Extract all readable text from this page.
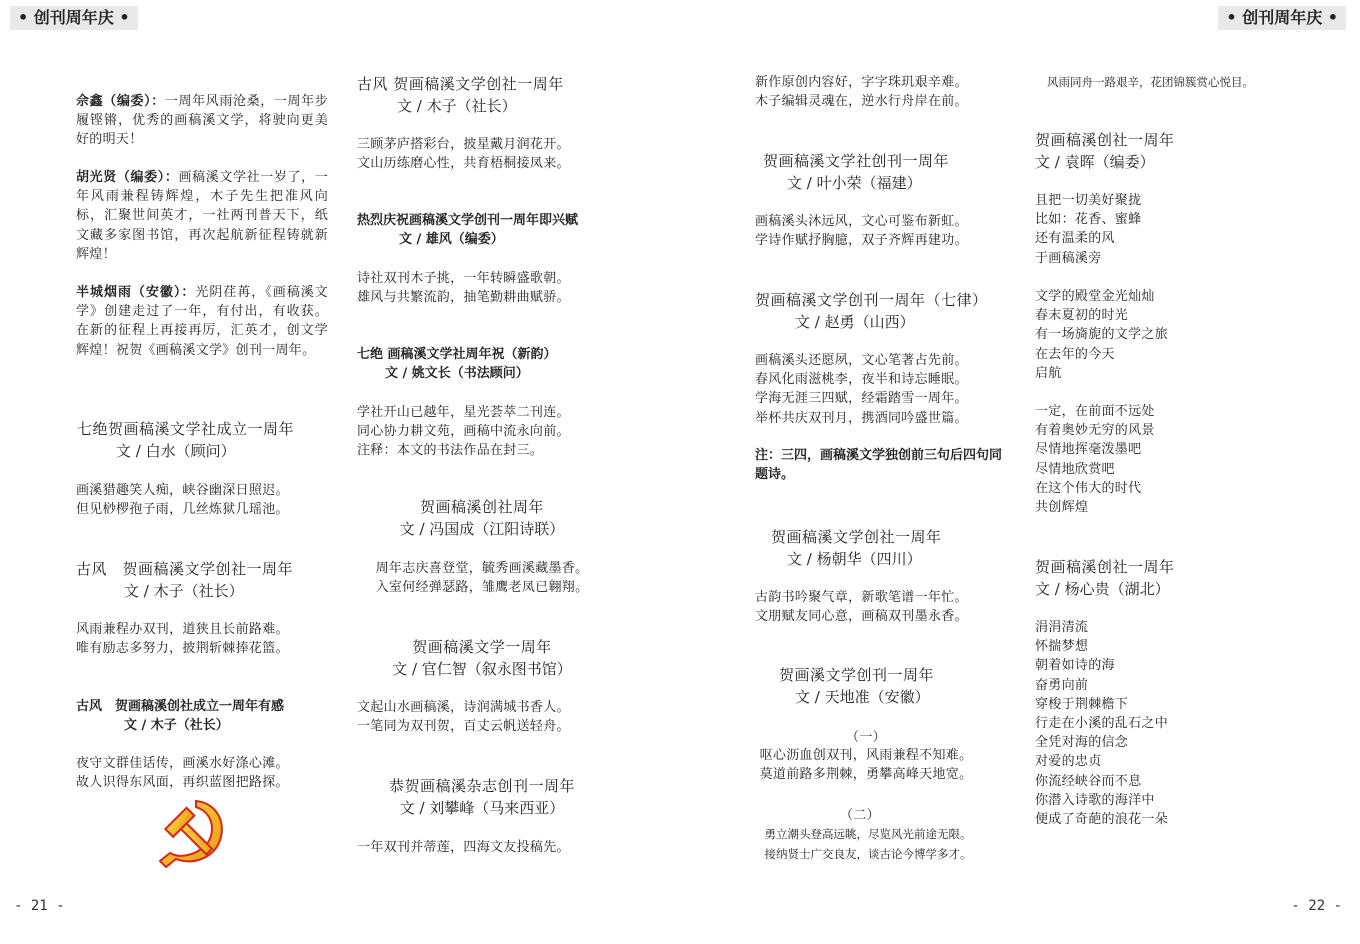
• 创刊周年庆 •	• 创刊周年庆 •
佘鑫（编委）：一周年风雨沧桑，一周年步履铿锵，优秀的画稿溪文学，将驶向更美好的明天！
胡光贤（编委）：画稿溪文学社一岁了，一年风雨兼程铸辉煌，木子先生把准风向标，汇聚世间英才，一社两刊普天下，纸文藏多家图书馆，再次起航新征程铸就新辉煌！
半城烟雨（安徽）：光阴荏苒，《画稿溪文学》创建走过了一年，有付出，有收获。在新的征程上再接再厉，汇英才，创文学辉煌！祝贺《画稿溪文学》创刊一周年。
七绝贺画稿溪文学社成立一周年
文 / 白水（顾问）
画溪猎趣笑人痴，峡谷幽深日照迟。
但见桫椤孢子雨，几丝炼狱几瑶池。
古风　贺画稿溪文学创社一周年
文 / 木子（社长）
风雨兼程办双刊，道狭且长前路难。
唯有励志多努力，披荆斩棘捧花篮。
古风　贺画稿溪创社成立一周年有感
文 / 木子（社长）
夜守文群佳话传，画溪水好涤心滩。
故人识得东风面，再织蓝图把路探。
古风 贺画稿溪文学创社一周年
文 / 木子（社长）
三顾茅庐搭彩台，披星戴月润花开。
文山历练磨心性，共育梧桐接凤来。
热烈庆祝画稿溪文学创刊一周年即兴赋
文 / 雄风（编委）
诗社双刊木子挑，一年转瞬盛歌朝。
雄风与共繁流韵，抽笔勤耕曲赋骄。
七绝 画稿溪文学社周年祝（新韵）
文 / 姚文长（书法顾问）
学社开山已越年，星光荟萃二刊连。
同心协力耕文苑，画稿中流永向前。
注释：本文的书法作品在封三。
贺画稿溪创社周年
文 / 冯国成（江阳诗联）
周年志庆喜登堂，毓秀画溪藏墨香。
入室何经弹瑟路，雏鹰老凤已翱翔。
贺画稿溪文学一周年
文 / 官仁智（叙永图书馆）
文起山水画稿溪，诗润满城书香人。
一笔同为双刊贺，百丈云帆送轻舟。
恭贺画稿溪杂志创刊一周年
文 / 刘攀峰（马来西亚）
一年双刊并蒂莲，四海文友投稿先。
新作原创内容好，字字珠玑艰辛难。
木子编辑灵魂在，逆水行舟岸在前。
贺画稿溪文学社创刊一周年
文 / 叶小荣（福建）
画稿溪头沐远风，文心可鉴布新虹。
学诗作赋抒胸臆，双子齐辉再建功。
贺画稿溪文学创刊一周年（七律）
文 / 赵勇（山西）
画稿溪头还愿夙，文心笔著占先前。
春风化雨滋桃李，夜半和诗忘睡眠。
学海无涯三四赋，经霜踏雪一周年。
举杯共庆双刊月，携酒同吟盛世篇。
注：三四，画稿溪文学独创前三句后四句同题诗。
贺画稿溪文学创社一周年
文 / 杨朝华（四川）
古韵书吟聚气章，新歌笔谱一年忙。
文朋赋友同心意，画稿双刊墨永香。
贺画溪文学创刊一周年
文 / 天地准（安徽）
（一）
呕心沥血创双刊，风雨兼程不知难。
莫道前路多荆棘，勇攀高峰天地宽。
（二）
勇立潮头登高远眺，尽览风光前途无限。
接纳贤士广交良友，谈古论今博学多才。
风雨同舟一路艰辛，花团锦簇赏心悦目。
贺画稿溪创社一周年
文 / 袁晖（编委）
且把一切美好聚拢
比如：花香、蜜蜂
还有温柔的风
于画稿溪旁
文学的殿堂金光灿灿
春末夏初的时光
有一场旖旎的文学之旅
在去年的今天
启航
一定，在前面不远处
有着奥妙无穷的风景
尽情地挥毫泼墨吧
尽情地欣赏吧
在这个伟大的时代
共创辉煌
贺画稿溪创社一周年
文 / 杨心贵（湖北）
涓涓清流
怀揣梦想
朝着如诗的海
奋勇向前
穿梭于荆棘檐下
行走在小溪的乱石之中
全凭对海的信念
对爱的忠贞
你流经峡谷而不息
你潜入诗歌的海洋中
便成了奇葩的浪花一朵
- 21 -	- 22 -
